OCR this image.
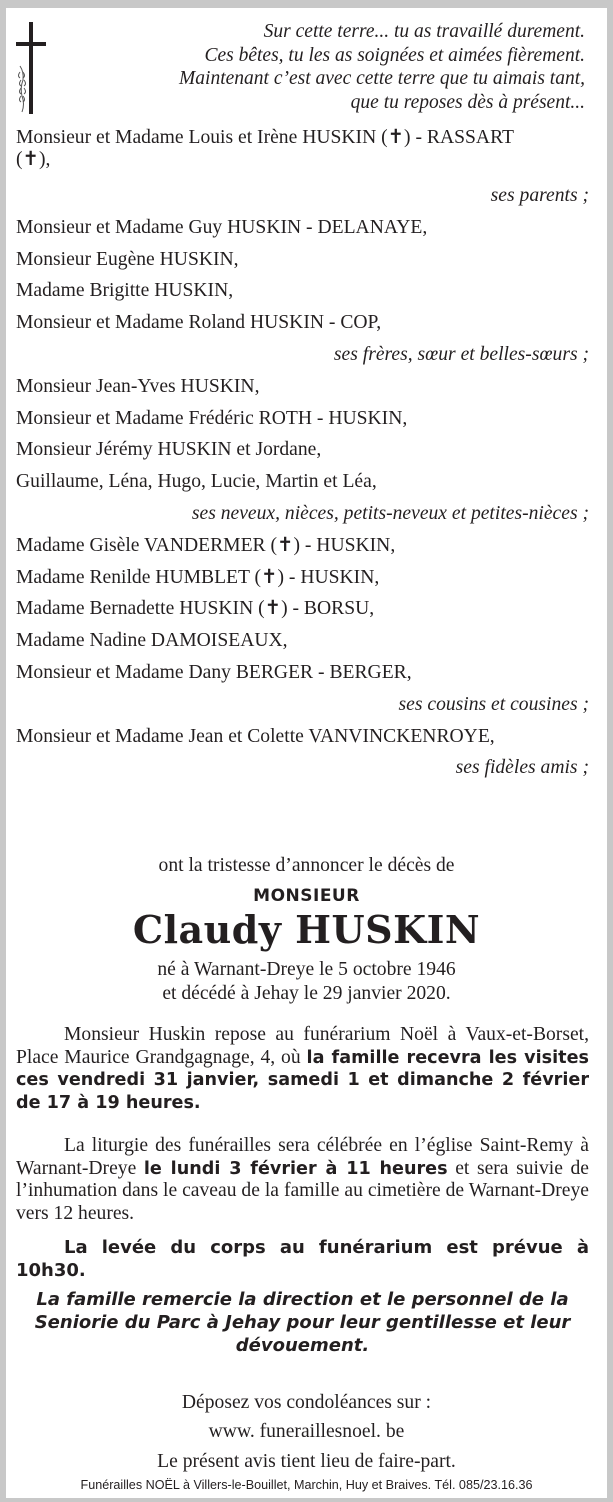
Sur cette terre... tu as travaillé durement.
Ces bêtes, tu les as soignées et aimées fièrement.
Maintenant c’est avec cette terre que tu aimais tant,
que tu reposes dès à présent...
Monsieur et Madame Louis et Irène HUSKIN (✝) - RASSART
(✝),
ses parents ;
Monsieur et Madame Guy HUSKIN - DELANAYE,
Monsieur Eugène HUSKIN,
Madame Brigitte HUSKIN,
Monsieur et Madame Roland HUSKIN - COP,
ses frères, sœur et belles-sœurs ;
Monsieur Jean-Yves HUSKIN,
Monsieur et Madame Frédéric ROTH - HUSKIN,
Monsieur Jérémy HUSKIN et Jordane,
Guillaume, Léna, Hugo, Lucie, Martin et Léa,
ses neveux, nièces, petits-neveux et petites-nièces ;
Madame Gisèle VANDERMER (✝) - HUSKIN,
Madame Renilde HUMBLET (✝) - HUSKIN,
Madame Bernadette HUSKIN (✝) - BORSU,
Madame Nadine DAMOISEAUX,
Monsieur et Madame Dany BERGER - BERGER,
ses cousins et cousines ;
Monsieur et Madame Jean et Colette VANVINCKENROYE,
ses fidèles amis ;
ont la tristesse d’annoncer le décès de
MONSIEUR
Claudy HUSKIN
né à Warnant-Dreye le 5 octobre 1946
et décédé à Jehay le 29 janvier 2020.
Monsieur Huskin repose au funérarium Noël à Vaux-et-Borset, Place Maurice Grandgagnage, 4, où la famille recevra les visites ces vendredi 31 janvier, samedi 1 et dimanche 2 février de 17 à 19 heures.
La liturgie des funérailles sera célébrée en l’église Saint-Remy à Warnant-Dreye le lundi 3 février à 11 heures et sera suivie de l’inhumation dans le caveau de la famille au cimetière de Warnant-Dreye vers 12 heures.
La levée du corps au funérarium est prévue à 10h30.
La famille remercie la direction et le personnel de la Seniorie du Parc à Jehay pour leur gentillesse et leur dévouement.
Déposez vos condoléances sur :
www. funeraillesnoel. be
Le présent avis tient lieu de faire-part.
Funérailles NOËL à Villers-le-Bouillet, Marchin, Huy et Braives. Tél. 085/23.16.36
